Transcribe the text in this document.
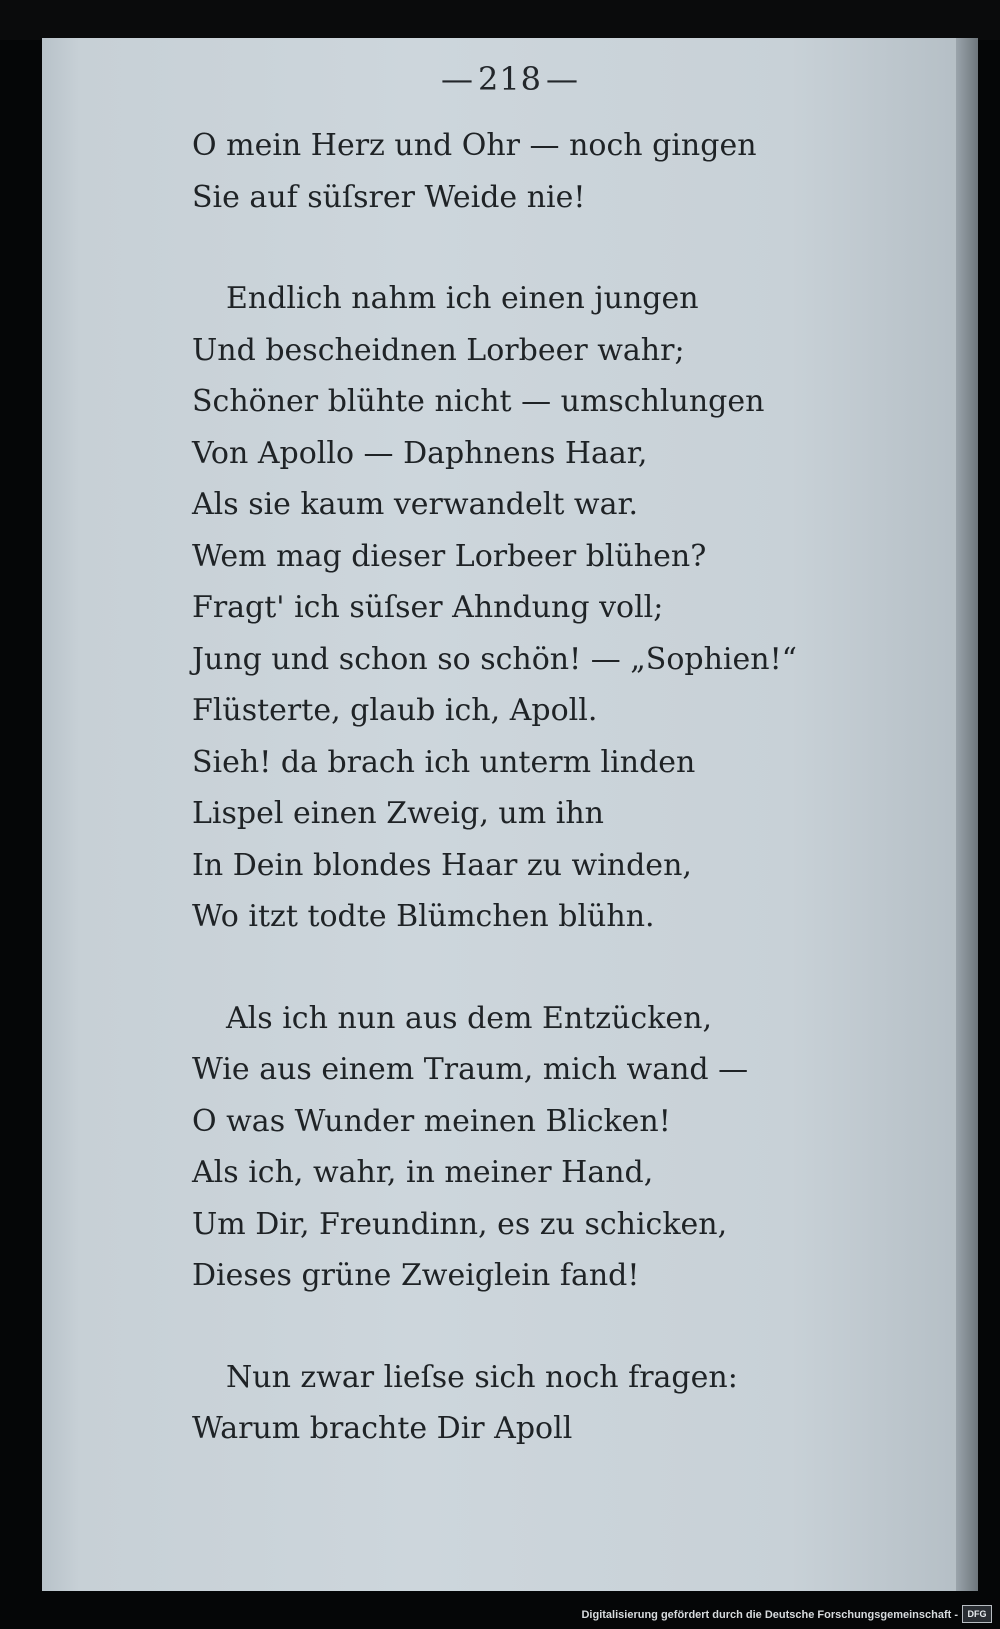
— 218 —
O mein Herz und Ohr — noch gingen
Sie auf süſsrer Weide nie!
Endlich nahm ich einen jungen
Und bescheidnen Lorbeer wahr;
Schöner blühte nicht — umschlungen
Von Apollo — Daphnens Haar,
Als sie kaum verwandelt war.
Wem mag dieser Lorbeer blühen?
Fragt' ich süſser Ahndung voll;
Jung und schon so schön! — „Sophien!“
Flüsterte, glaub ich, Apoll.
Sieh! da brach ich unterm linden
Lispel einen Zweig, um ihn
In Dein blondes Haar zu winden,
Wo itzt todte Blümchen blühn.
Als ich nun aus dem Entzücken,
Wie aus einem Traum, mich wand —
O was Wunder meinen Blicken!
Als ich, wahr, in meiner Hand,
Um Dir, Freundinn, es zu schicken,
Dieses grüne Zweiglein fand!
Nun zwar lieſse sich noch fragen:
Warum brachte Dir Apoll
Digitalisierung gefördert durch die Deutsche Forschungsgemeinschaft -	DFG
